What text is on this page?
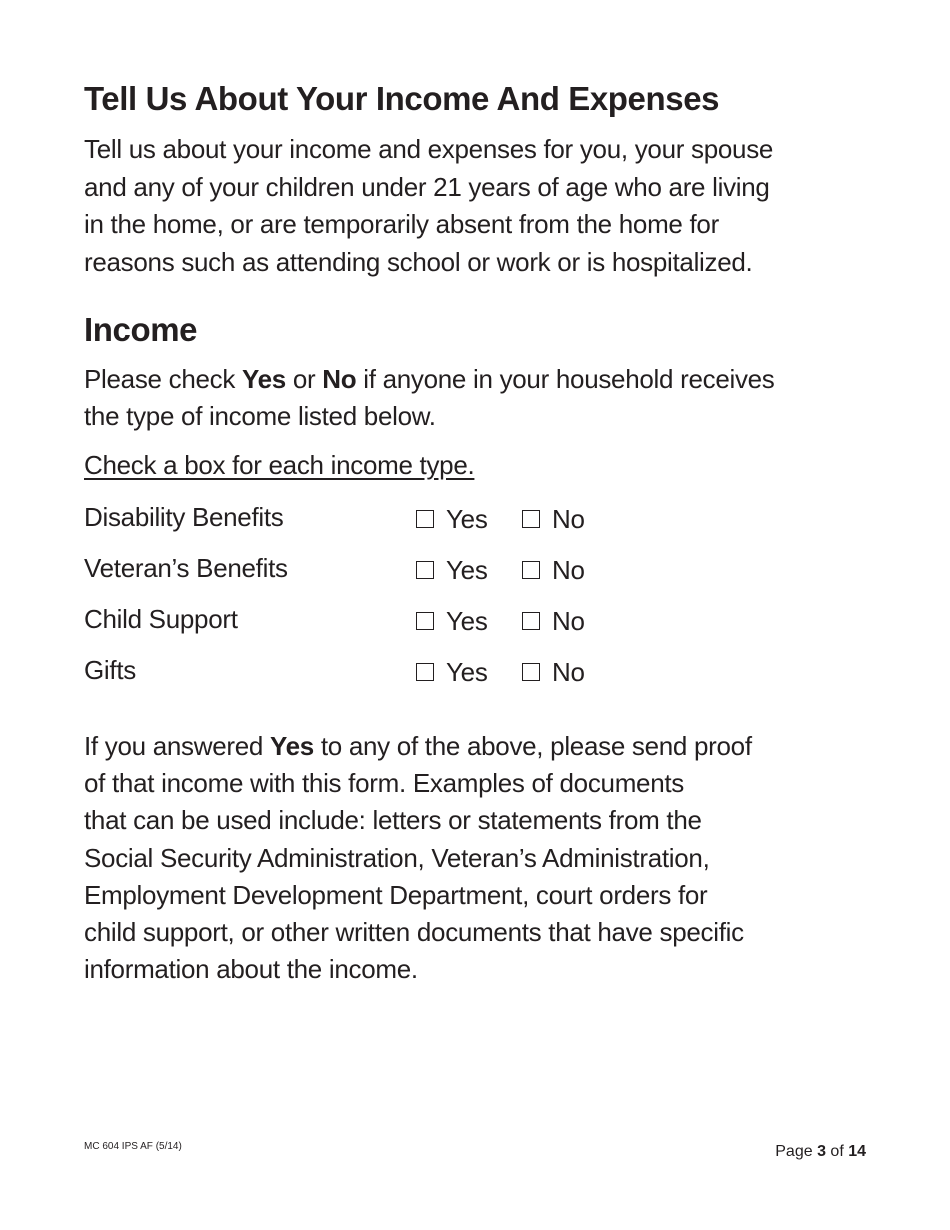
Tell Us About Your Income And Expenses

Tell us about your income and expenses for you, your spouse
and any of your children under 21 years of age who are living
in the home, or are temporarily absent from the home for
reasons such as attending school or work or is hospitalized.

Income

Please check Yes or No if anyone in your household receives
the type of income listed below.

Check a box for each income type.

Disability Benefits	Yes No
Veteran’s Benefits	Yes No
Child Support	Yes No
Gifts	Yes No

If you answered Yes to any of the above, please send proof
of that income with this form. Examples of documents
that can be used include: letters or statements from the
Social Security Administration, Veteran’s Administration,
Employment Development Department, court orders for
child support, or other written documents that have specific
information about the income.

MC 604 IPS AF (5/14)	Page 3 of 14
